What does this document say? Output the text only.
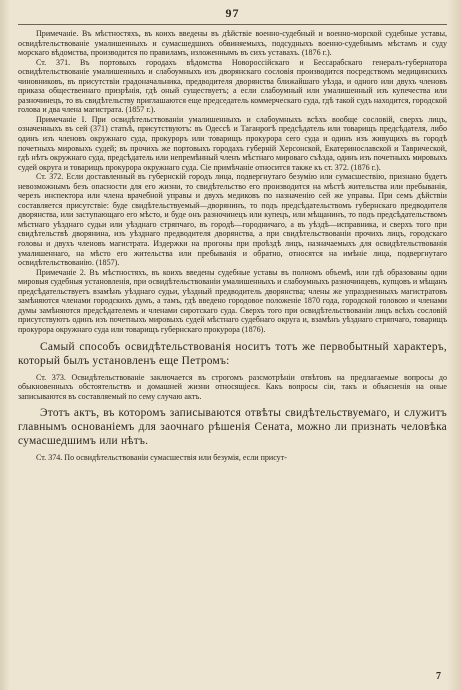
97

Примечаніе. Въ мѣстностяхъ, въ коихъ введены въ дѣйствіе военно-судебный и военно-морской судебные уставы, освидѣтельствованіе умалишенныхъ и сумасшедшихъ обвиняемыхъ, подсудныхъ военно-судебнымъ мѣстамъ и суду морскаго вѣдомства, производится по правиламъ, изложеннымъ въ сихъ уставахъ. (1876 г.).

Ст. 371. Въ портовыхъ городахъ вѣдомства Новороссійскаго и Бессарабскаго генералъ-губернатора освидѣтельствованіе умалишенныхъ и слабоумныхъ изъ дворянскаго сословія производится посредствомъ медицинскихъ чиновниковъ, въ присутствіи градоначальника, предводителя дворянства ближайшаго уѣзда, и одного или двухъ членовъ приказа общественнаго призрѣнія, гдѣ оный существуетъ; а если слабоумный или умалишенный изъ купечества или разночинецъ, то въ свидѣтельству приглашаются еще председатель коммерческаго суда, гдѣ такой судъ находится, городской голова и два члена магистрата. (1857 г.).

Примечаніе I. При освидѣтельствованіи умалишенныхъ и слабоумныхъ всѣхъ вообще сословій, сверхъ лицъ, означенныхъ въ сей (371) статьѣ, присутствуютъ: въ Одессѣ и Таганрогѣ предсѣдатель или товарищъ предсѣдателя, либо одинъ изъ членовъ окружнаго суда, прокуроръ или товарищъ прокурора сего суда и одинъ изъ живущихъ въ городѣ почетныхъ мировыхъ судей; въ прочихъ же портовыхъ городахъ губерній Херсонской, Екатеринославской и Таврической, гдѣ нѣтъ окружнаго суда, предсѣдатель или непремѣнный членъ мѣстнаго мироваго съѣзда, одинъ изъ почетныхъ мировыхъ судей округа и товарищъ прокурора окружнаго суда. Сіе примѣчаніе относится также къ ст. 372. (1876 г.).

Ст. 372. Если доставленный въ губернскій городъ лица, подвергнутаго безумію или сумасшествію, признано будетъ невозможнымъ безъ опасности для его жизни, то свидѣтельство его производится на мѣстѣ жительства или пребыванія, черезъ инспектора или члена врачебной управы и двухъ медиковъ по назначенію сей же управы. При семъ дѣйствіи составляется присутствіе: буде свидѣтельствуемый—дворянинъ, то подъ предсѣдательствомъ губернскаго предводителя дворянства, или заступающаго его мѣсто, и буде онъ разночинецъ или купецъ, или мѣщанинъ, то подъ предсѣдательствомъ мѣстнаго уѣзднаго судьи или уѣзднаго стряпчаго, въ городѣ—городничаго, а въ уѣздѣ—исправника, и сверхъ того при свидѣтельствѣ дворянина, изъ уѣзднаго предводителя дворянства, а при свидѣтельствованіи прочихъ лицъ, городскаго головы и двухъ членовъ магистрата. Издержки на прогоны при проѣздѣ лицъ, назначаемыхъ для освидѣтельствованія умалишеннаго, на мѣсто его жительства или пребыванія и обратно, относятся на имѣніе лица, подвергнутаго освидѣтельствованію. (1857).

Примечаніе 2. Въ мѣстностяхъ, въ коихъ введены судебные уставы въ полномъ объемѣ, или гдѣ образованы одни мировыя судебныя установленія, при освидѣтельствованіи умалишенныхъ и слабоумныхъ разночинцевъ, купцовъ и мѣщанъ предсѣдательствуетъ взамѣнъ уѣзднаго судьи, уѣздный предводитель дворянства; члены же упраздненныхъ магистратовъ замѣняются членами городскихъ думъ, а тамъ, гдѣ введено городовое положеніе 1870 года, городской головою и членами думы замѣняются предсѣдателемъ и членами сиротскаго суда. Сверхъ того при освидѣтельствованіи лицъ всѣхъ сословій присутствуютъ одинъ изъ почетныхъ мировыхъ судей мѣстнаго судебнаго округа и, взамѣнъ уѣзднаго стряпчаго, товарищъ прокурора окружнаго суда или товарищъ губернскаго прокурора (1876).

Самый способъ освидѣтельствованія носитъ тотъ же первобытный характеръ, который былъ установленъ еще Петромъ:

Ст. 373. Освидѣтельствованіе заключается въ строгомъ разсмотрѣніи отвѣтовъ на предлагаемые вопросы до обыкновенныхъ обстоятельствъ и домашней жизни относящіеся. Какъ вопросы сіи, такъ и объясненія на оные записываются въ составляемый по сему случаю актъ.

Этотъ актъ, въ которомъ записываются отвѣты свидѣтельствуемаго, и служитъ главнымъ основаніемъ для заочнаго рѣшенія Сената, можно ли признать человѣка сумасшедшимъ или нѣтъ.

Ст. 374. По освидѣтельствованіи сумасшествія или безумія, если присут-

7
